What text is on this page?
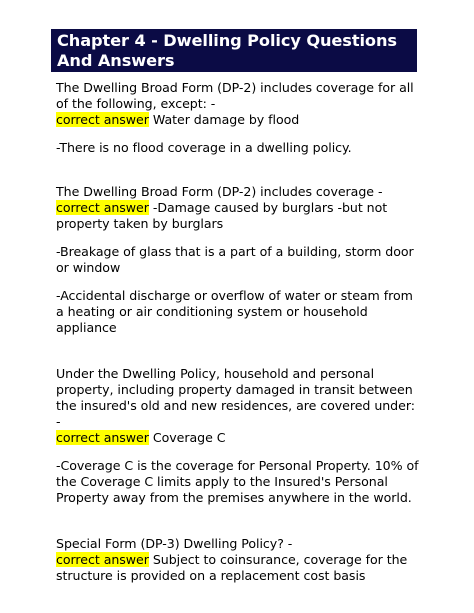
Chapter 4 - Dwelling Policy Questions
And Answers

The Dwelling Broad Form (DP-2) includes coverage for all

of the following, except: -

correct answer Water damage by flood

-There is no flood coverage in a dwelling policy.

The Dwelling Broad Form (DP-2) includes coverage -

correct answer -Damage caused by burglars -but not

property taken by burglars

-Breakage of glass that is a part of a building, storm door

or window

-Accidental discharge or overflow of water or steam from

a heating or air conditioning system or household

appliance

Under the Dwelling Policy, household and personal

property, including property damaged in transit between

the insured's old and new residences, are covered under:

-

correct answer Coverage C

-Coverage C is the coverage for Personal Property. 10% of

the Coverage C limits apply to the Insured's Personal

Property away from the premises anywhere in the world.

Special Form (DP-3) Dwelling Policy? -

correct answer Subject to coinsurance, coverage for the

structure is provided on a replacement cost basis
